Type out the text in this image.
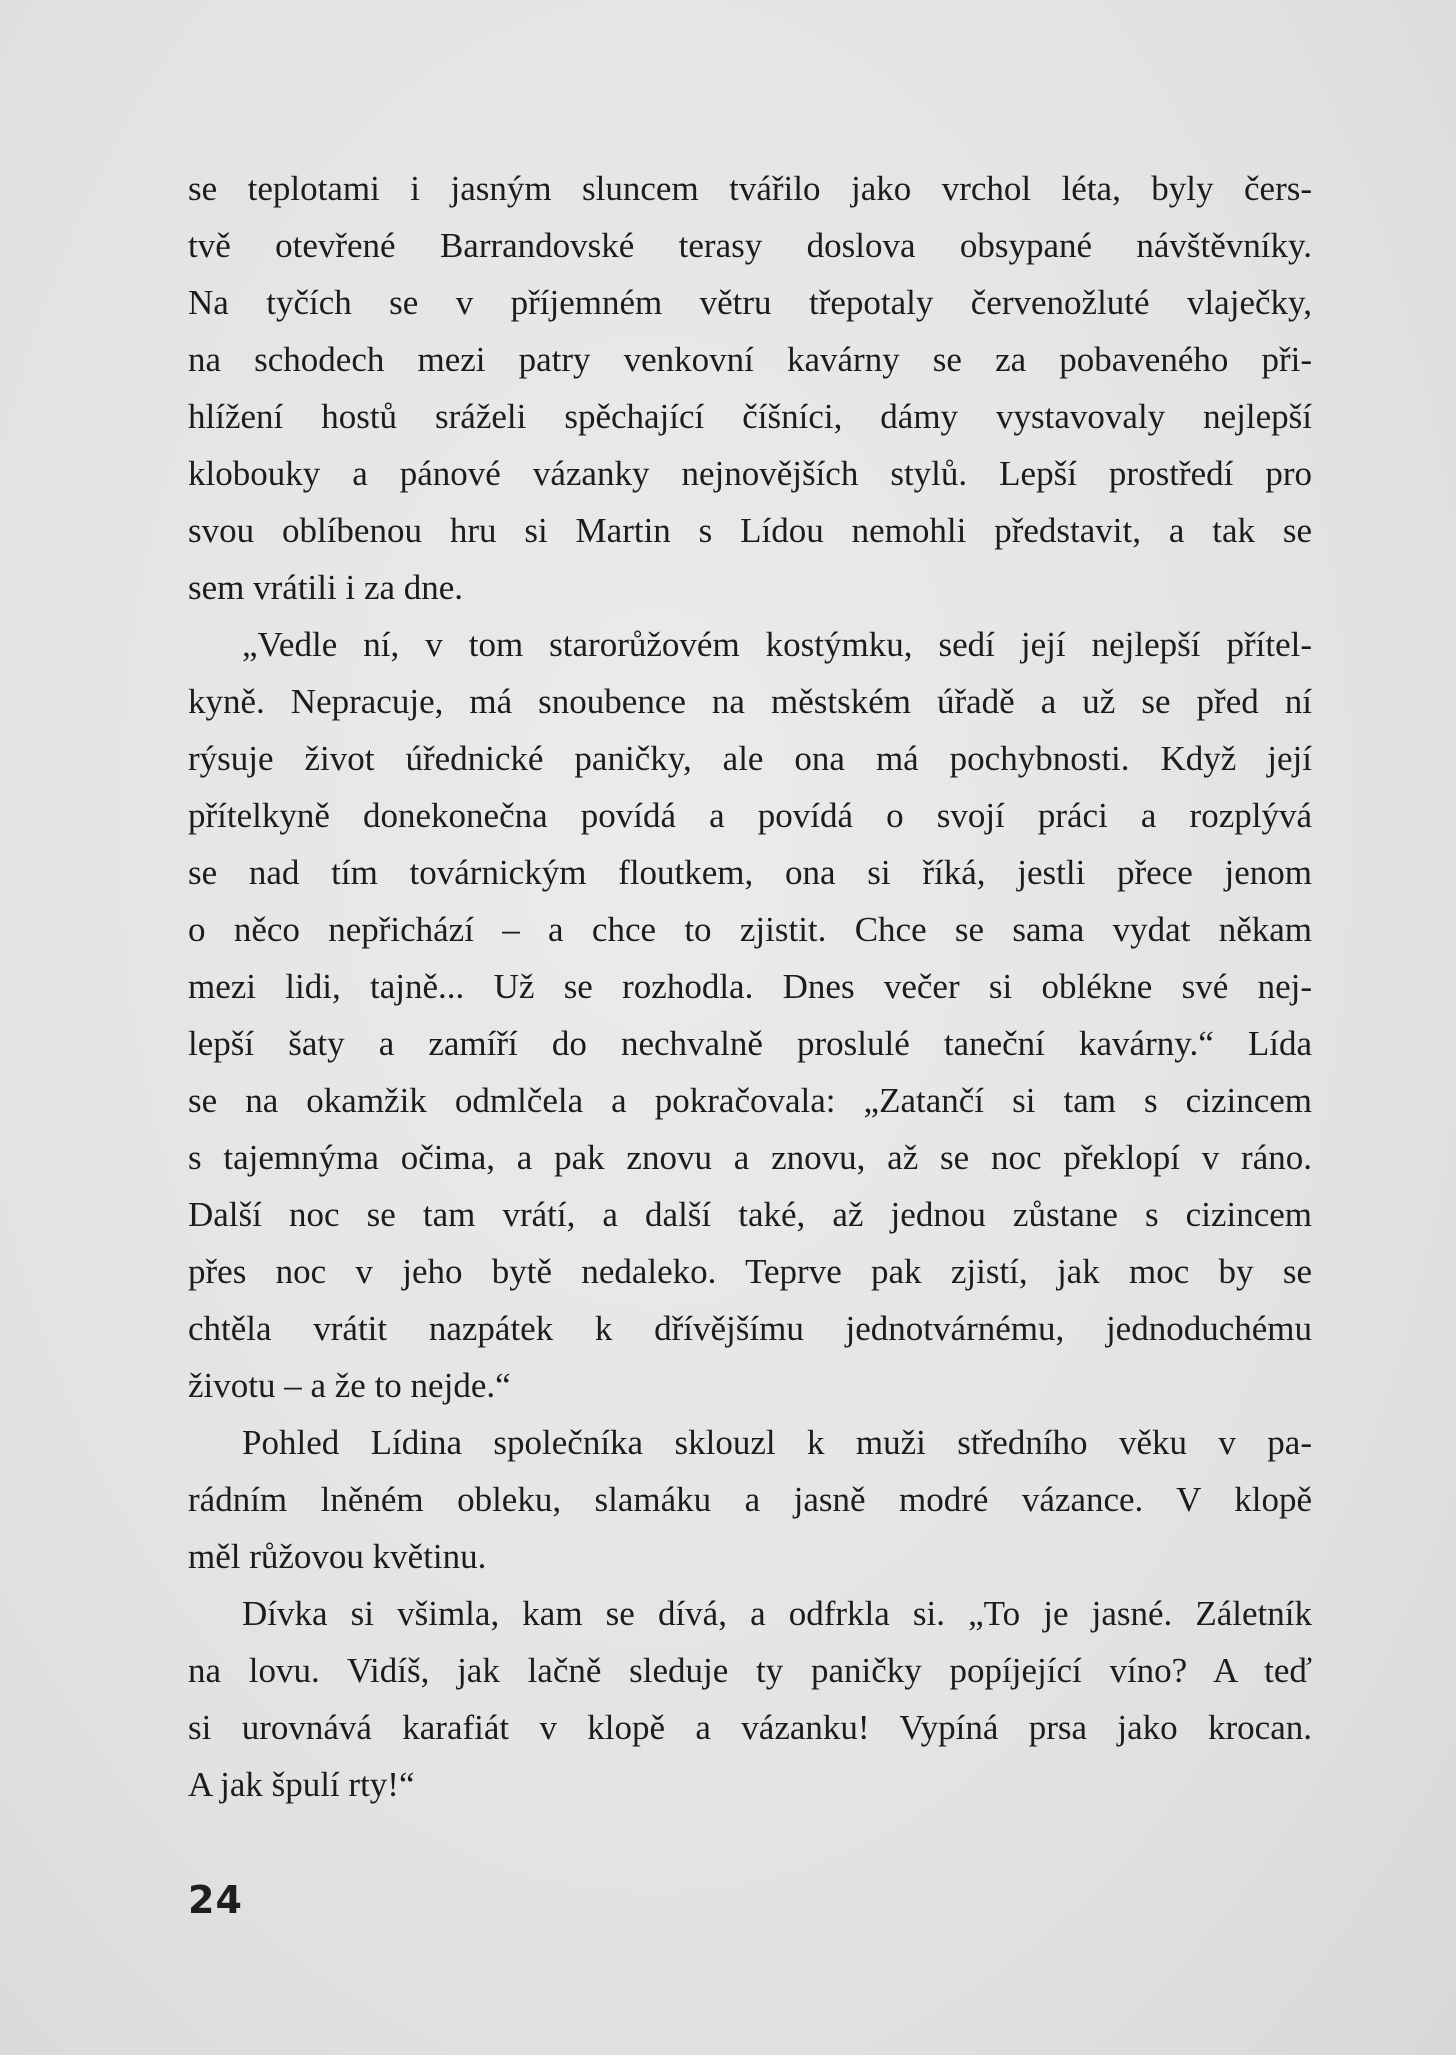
se teplotami i jasným sluncem tvářilo jako vrchol léta, byly čers-
tvě otevřené Barrandovské terasy doslova obsypané návštěvníky.
Na tyčích se v příjemném větru třepotaly červenožluté vlaječky,
na schodech mezi patry venkovní kavárny se za pobaveného při-
hlížení hostů sráželi spěchající číšníci, dámy vystavovaly nejlepší
klobouky a pánové vázanky nejnovějších stylů. Lepší prostředí pro
svou oblíbenou hru si Martin s Lídou nemohli představit, a tak se
sem vrátili i za dne.

„Vedle ní, v tom starorůžovém kostýmku, sedí její nejlepší přítel-
kyně. Nepracuje, má snoubence na městském úřadě a už se před ní
rýsuje život úřednické paničky, ale ona má pochybnosti. Když její
přítelkyně donekonečna povídá a povídá o svojí práci a rozplývá
se nad tím továrnickým floutkem, ona si říká, jestli přece jenom
o něco nepřichází – a chce to zjistit. Chce se sama vydat někam
mezi lidi, tajně... Už se rozhodla. Dnes večer si oblékne své nej-
lepší šaty a zamíří do nechvalně proslulé taneční kavárny.“ Lída
se na okamžik odmlčela a pokračovala: „Zatančí si tam s cizincem
s tajemnýma očima, a pak znovu a znovu, až se noc překlopí v ráno.
Další noc se tam vrátí, a další také, až jednou zůstane s cizincem
přes noc v jeho bytě nedaleko. Teprve pak zjistí, jak moc by se
chtěla vrátit nazpátek k dřívějšímu jednotvárnému, jednoduchému
životu – a že to nejde.“

Pohled Lídina společníka sklouzl k muži středního věku v pa-
rádním lněném obleku, slamáku a jasně modré vázance. V klopě
měl růžovou květinu.

Dívka si všimla, kam se dívá, a odfrkla si. „To je jasné. Záletník
na lovu. Vidíš, jak lačně sleduje ty paničky popíjející víno? A teď
si urovnává karafiát v klopě a vázanku! Vypíná prsa jako krocan.
A jak špulí rty!“

24
